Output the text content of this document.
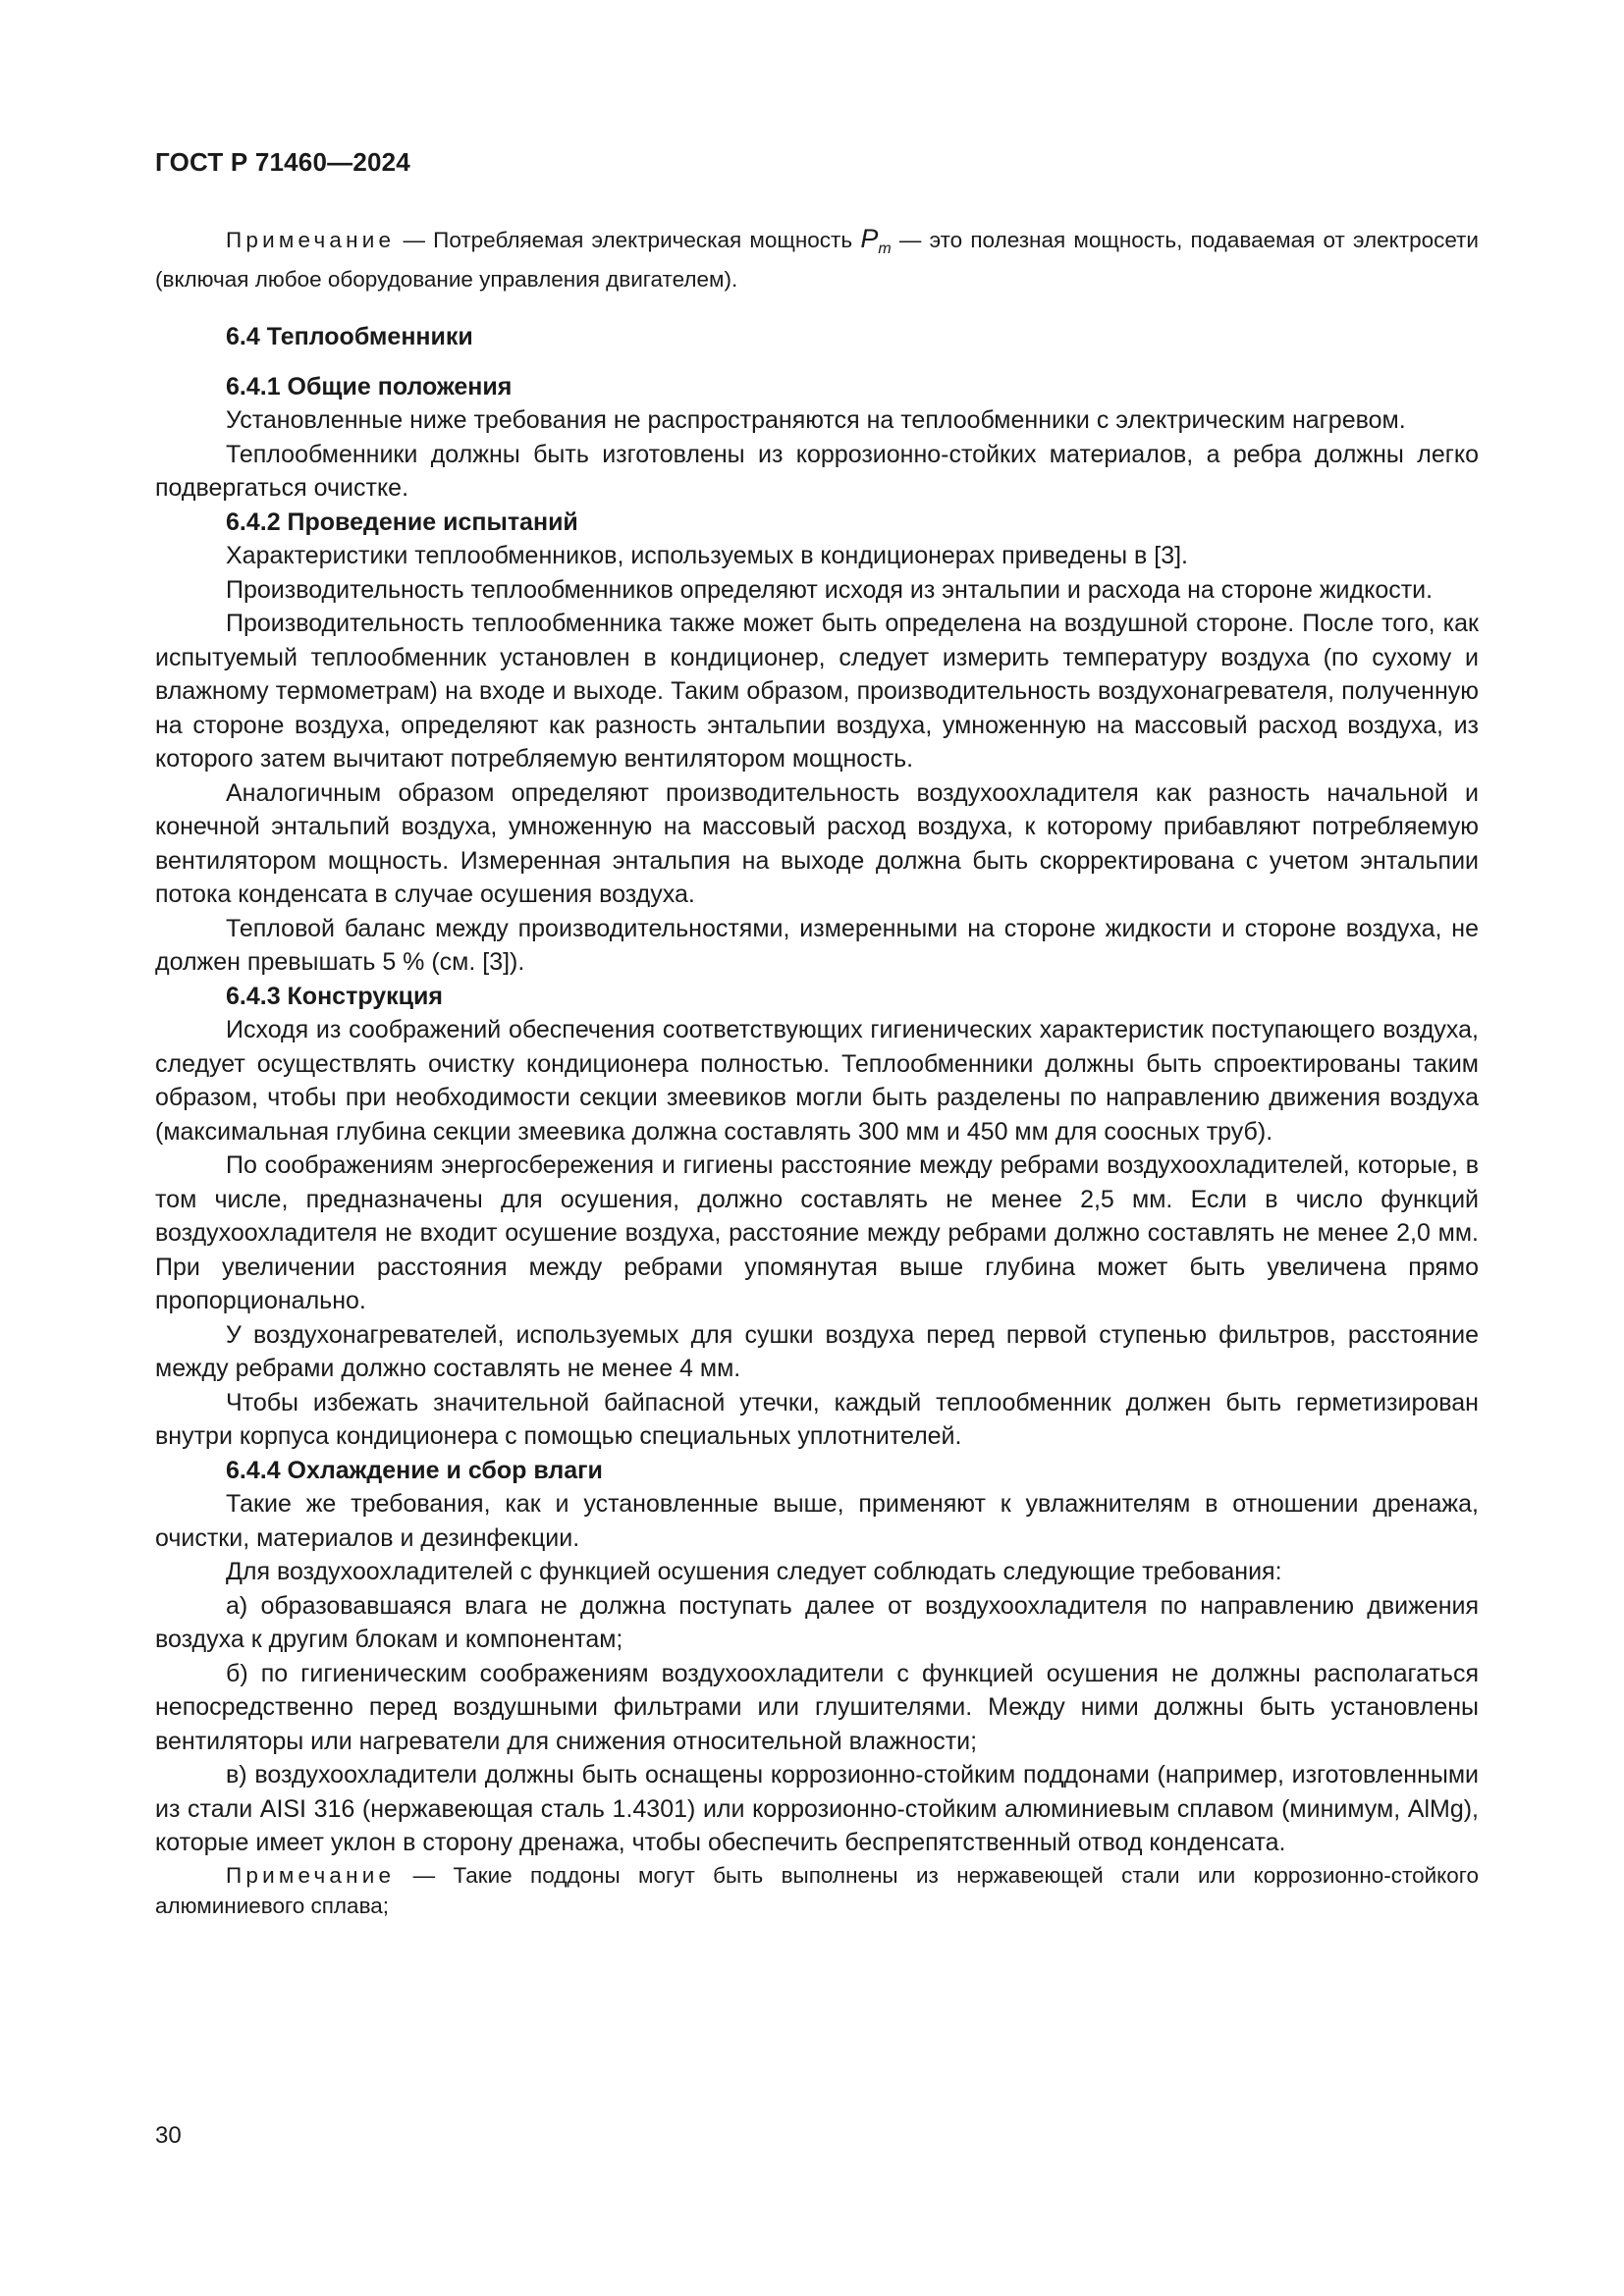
ГОСТ Р 71460—2024

Примечание — Потребляемая электрическая мощность $P_m$ — это полезная мощность, подаваемая от электросети (включая любое оборудование управления двигателем).

6.4 Теплообменники
6.4.1 Общие положения

Установленные ниже требования не распространяются на теплообменники с электрическим нагревом.

Теплообменники должны быть изготовлены из коррозионно-стойких материалов, а ребра должны легко подвергаться очистке.

6.4.2 Проведение испытаний

Характеристики теплообменников, используемых в кондиционерах приведены в [3].

Производительность теплообменников определяют исходя из энтальпии и расхода на стороне жидкости.

Производительность теплообменника также может быть определена на воздушной стороне. После того, как испытуемый теплообменник установлен в кондиционер, следует измерить температуру воздуха (по сухому и влажному термометрам) на входе и выходе. Таким образом, производительность воздухонагревателя, полученную на стороне воздуха, определяют как разность энтальпии воздуха, умноженную на массовый расход воздуха, из которого затем вычитают потребляемую вентилятором мощность.

Аналогичным образом определяют производительность воздухоохладителя как разность начальной и конечной энтальпий воздуха, умноженную на массовый расход воздуха, к которому прибавляют потребляемую вентилятором мощность. Измеренная энтальпия на выходе должна быть скорректирована с учетом энтальпии потока конденсата в случае осушения воздуха.

Тепловой баланс между производительностями, измеренными на стороне жидкости и стороне воздуха, не должен превышать 5 % (см. [3]).

6.4.3 Конструкция

Исходя из соображений обеспечения соответствующих гигиенических характеристик поступающего воздуха, следует осуществлять очистку кондиционера полностью. Теплообменники должны быть спроектированы таким образом, чтобы при необходимости секции змеевиков могли быть разделены по направлению движения воздуха (максимальная глубина секции змеевика должна составлять 300 мм и 450 мм для соосных труб).

По соображениям энергосбережения и гигиены расстояние между ребрами воздухоохладителей, которые, в том числе, предназначены для осушения, должно составлять не менее 2,5 мм. Если в число функций воздухоохладителя не входит осушение воздуха, расстояние между ребрами должно составлять не менее 2,0 мм. При увеличении расстояния между ребрами упомянутая выше глубина может быть увеличена прямо пропорционально.

У воздухонагревателей, используемых для сушки воздуха перед первой ступенью фильтров, расстояние между ребрами должно составлять не менее 4 мм.

Чтобы избежать значительной байпасной утечки, каждый теплообменник должен быть герметизирован внутри корпуса кондиционера с помощью специальных уплотнителей.

6.4.4 Охлаждение и сбор влаги

Такие же требования, как и установленные выше, применяют к увлажнителям в отношении дренажа, очистки, материалов и дезинфекции.

Для воздухоохладителей с функцией осушения следует соблюдать следующие требования:

а) образовавшаяся влага не должна поступать далее от воздухоохладителя по направлению движения воздуха к другим блокам и компонентам;

б) по гигиеническим соображениям воздухоохладители с функцией осушения не должны располагаться непосредственно перед воздушными фильтрами или глушителями. Между ними должны быть установлены вентиляторы или нагреватели для снижения относительной влажности;

в) воздухоохладители должны быть оснащены коррозионно-стойким поддонами (например, изготовленными из стали AISI 316 (нержавеющая сталь 1.4301) или коррозионно-стойким алюминиевым сплавом (минимум, AlMg), которые имеет уклон в сторону дренажа, чтобы обеспечить беспрепятственный отвод конденсата.

Примечание — Такие поддоны могут быть выполнены из нержавеющей стали или коррозионно-стойкого алюминиевого сплава;

30
